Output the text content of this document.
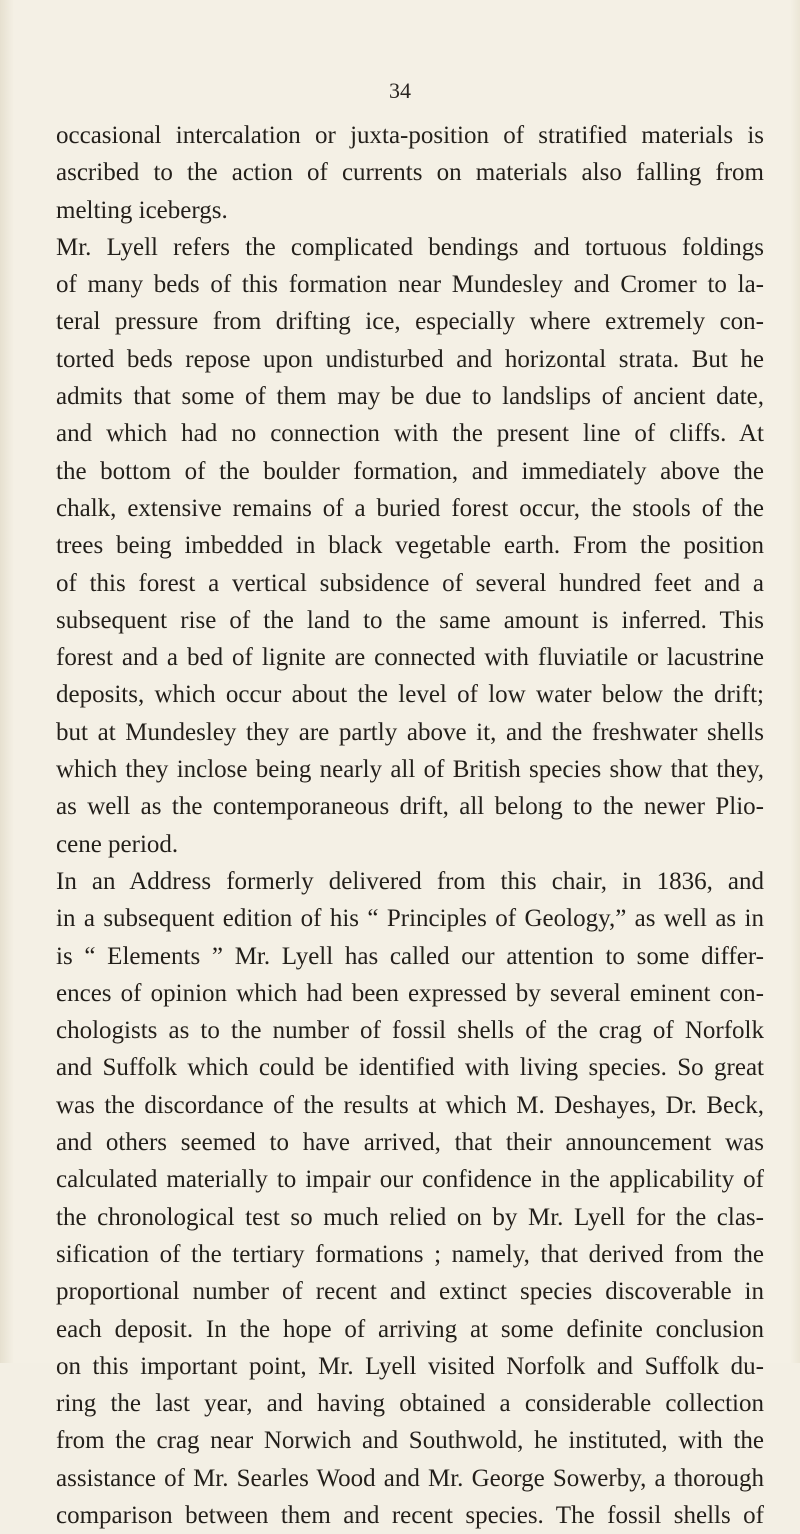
34
occasional intercalation or juxta-position of stratified materials is
ascribed to the action of currents on materials also falling from
melting icebergs.
Mr. Lyell refers the complicated bendings and tortuous foldings
of many beds of this formation near Mundesley and Cromer to la-
teral pressure from drifting ice, especially where extremely con-
torted beds repose upon undisturbed and horizontal strata. But he
admits that some of them may be due to landslips of ancient date,
and which had no connection with the present line of cliffs. At
the bottom of the boulder formation, and immediately above the
chalk, extensive remains of a buried forest occur, the stools of the
trees being imbedded in black vegetable earth. From the position
of this forest a vertical subsidence of several hundred feet and a
subsequent rise of the land to the same amount is inferred. This
forest and a bed of lignite are connected with fluviatile or lacustrine
deposits, which occur about the level of low water below the drift;
but at Mundesley they are partly above it, and the freshwater shells
which they inclose being nearly all of British species show that they,
as well as the contemporaneous drift, all belong to the newer Plio-
cene period.
In an Address formerly delivered from this chair, in 1836, and
in a subsequent edition of his “ Principles of Geology,” as well as in
is “ Elements ” Mr. Lyell has called our attention to some differ-
ences of opinion which had been expressed by several eminent con-
chologists as to the number of fossil shells of the crag of Norfolk
and Suffolk which could be identified with living species. So great
was the discordance of the results at which M. Deshayes, Dr. Beck,
and others seemed to have arrived, that their announcement was
calculated materially to impair our confidence in the applicability of
the chronological test so much relied on by Mr. Lyell for the clas-
sification of the tertiary formations ; namely, that derived from the
proportional number of recent and extinct species discoverable in
each deposit. In the hope of arriving at some definite conclusion
on this important point, Mr. Lyell visited Norfolk and Suffolk du-
ring the last year, and having obtained a considerable collection
from the crag near Norwich and Southwold, he instituted, with the
assistance of Mr. Searles Wood and Mr. George Sowerby, a thorough
comparison between them and recent species. The fossil shells of
